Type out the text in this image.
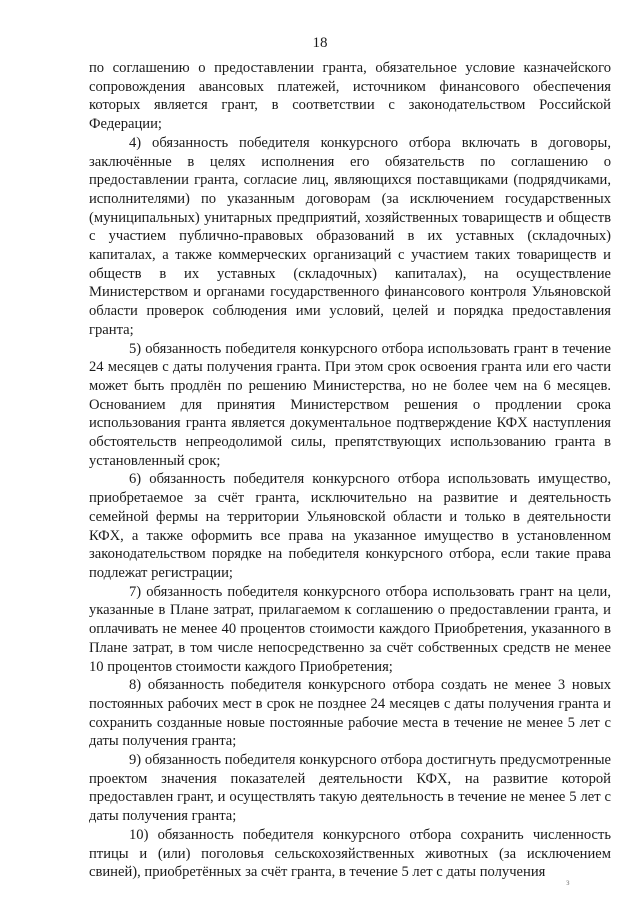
18

по соглашению о предоставлении гранта, обязательное условие казначейского сопровождения авансовых платежей, источником финансового обеспечения которых является грант, в соответствии с законодательством Российской Федерации;

4) обязанность победителя конкурсного отбора включать в договоры, заключённые в целях исполнения его обязательств по соглашению о предоставлении гранта, согласие лиц, являющихся поставщиками (подрядчиками, исполнителями) по указанным договорам (за исключением государственных (муниципальных) унитарных предприятий, хозяйственных товариществ и обществ с участием публично-правовых образований в их уставных (складочных) капиталах, а также коммерческих организаций с участием таких товариществ и обществ в их уставных (складочных) капиталах), на осуществление Министерством и органами государственного финансового контроля Ульяновской области проверок соблюдения ими условий, целей и порядка предоставления гранта;

5) обязанность победителя конкурсного отбора использовать грант в течение 24 месяцев с даты получения гранта. При этом срок освоения гранта или его части может быть продлён по решению Министерства, но не более чем на 6 месяцев. Основанием для принятия Министерством решения о продлении срока использования гранта является документальное подтверждение КФХ наступления обстоятельств непреодолимой силы, препятствующих использованию гранта в установленный срок;

6) обязанность победителя конкурсного отбора использовать имущество, приобретаемое за счёт гранта, исключительно на развитие и деятельность семейной фермы на территории Ульяновской области и только в деятельности КФХ, а также оформить все права на указанное имущество в установленном законодательством порядке на победителя конкурсного отбора, если такие права подлежат регистрации;

7) обязанность победителя конкурсного отбора использовать грант на цели, указанные в Плане затрат, прилагаемом к соглашению о предоставлении гранта, и оплачивать не менее 40 процентов стоимости каждого Приобретения, указанного в Плане затрат, в том числе непосредственно за счёт собственных средств не менее 10 процентов стоимости каждого Приобретения;

8) обязанность победителя конкурсного отбора создать не менее 3 новых постоянных рабочих мест в срок не позднее 24 месяцев с даты получения гранта и сохранить созданные новые постоянные рабочие места в течение не менее 5 лет с даты получения гранта;

9) обязанность победителя конкурсного отбора достигнуть предусмотренные проектом значения показателей деятельности КФХ, на развитие которой предоставлен грант, и осуществлять такую деятельность в течение не менее 5 лет с даты получения гранта;

10) обязанность победителя конкурсного отбора сохранить численность птицы и (или) поголовья сельскохозяйственных животных (за исключением свиней), приобретённых за счёт гранта, в течение 5 лет с даты получения

з
